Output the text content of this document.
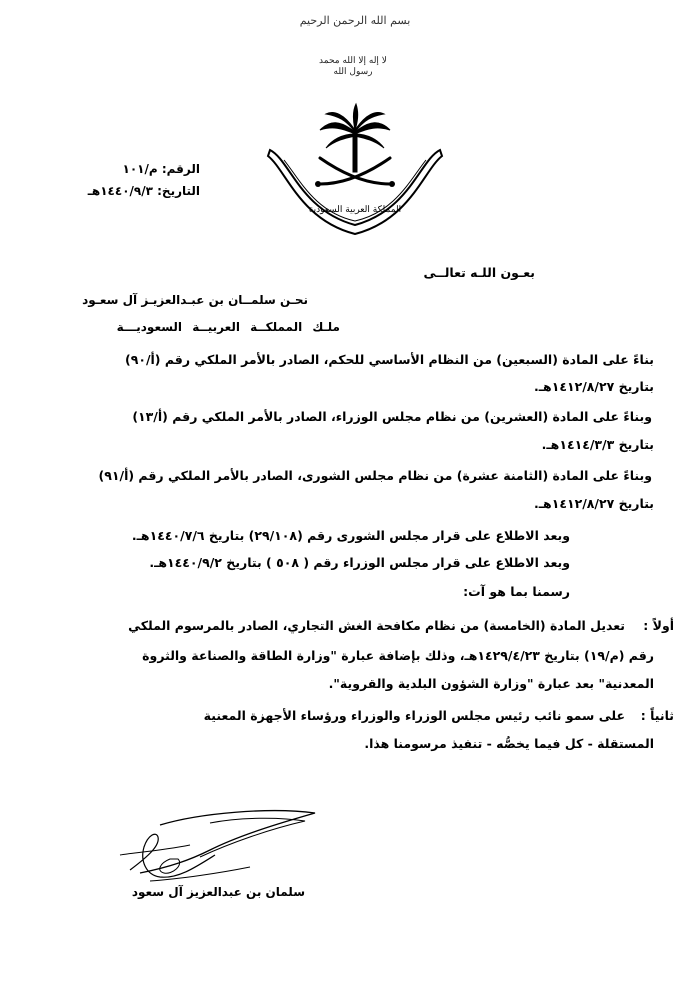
بسم الله الرحمن الرحيم
لا إله إلا الله محمد رسول الله
المملكة العربية السعودية
الرقم: م/١٠١
التاريخ: ١٤٤٠/٩/٣هـ
بعـون اللـه تعالــى
نحـن سلمــان بن عبـدالعزيـز آل سعـود
ملـك المملكــة العربيــة السعوديـــة
بناءً على المادة (السبعين) من النظام الأساسي للحكم، الصادر بالأمر الملكي رقم (أ/٩٠)
بتاريخ ١٤١٢/٨/٢٧هـ.
وبناءً على المادة (العشرين) من نظام مجلس الوزراء، الصادر بالأمر الملكي رقم (أ/١٣)
بتاريخ ١٤١٤/٣/٣هـ.
وبناءً على المادة (الثامنة عشرة) من نظام مجلس الشورى، الصادر بالأمر الملكي رقم (أ/٩١)
بتاريخ ١٤١٢/٨/٢٧هـ.
وبعد الاطلاع على قرار مجلس الشورى رقم (٢٩/١٠٨) بتاريخ ١٤٤٠/٧/٦هـ.
وبعد الاطلاع على قرار مجلس الوزراء رقم ( ٥٠٨ ) بتاريخ ١٤٤٠/٩/٢هـ.
رسمنا بما هو آت:
أولاً :
تعديل المادة (الخامسة) من نظام مكافحة الغش التجاري، الصادر بالمرسوم الملكي
رقم (م/١٩) بتاريخ ١٤٢٩/٤/٢٣هـ، وذلك بإضافة عبارة "وزارة الطاقة والصناعة والثروة
المعدنية" بعد عبارة "وزارة الشؤون البلدية والقروية".
ثانياً :
على سمو نائب رئيس مجلس الوزراء والوزراء ورؤساء الأجهزة المعنية
المستقلة - كل فيما يخصُّه - تنفيذ مرسومنا هذا.
سلمان بن عبدالعزيز آل سعود
